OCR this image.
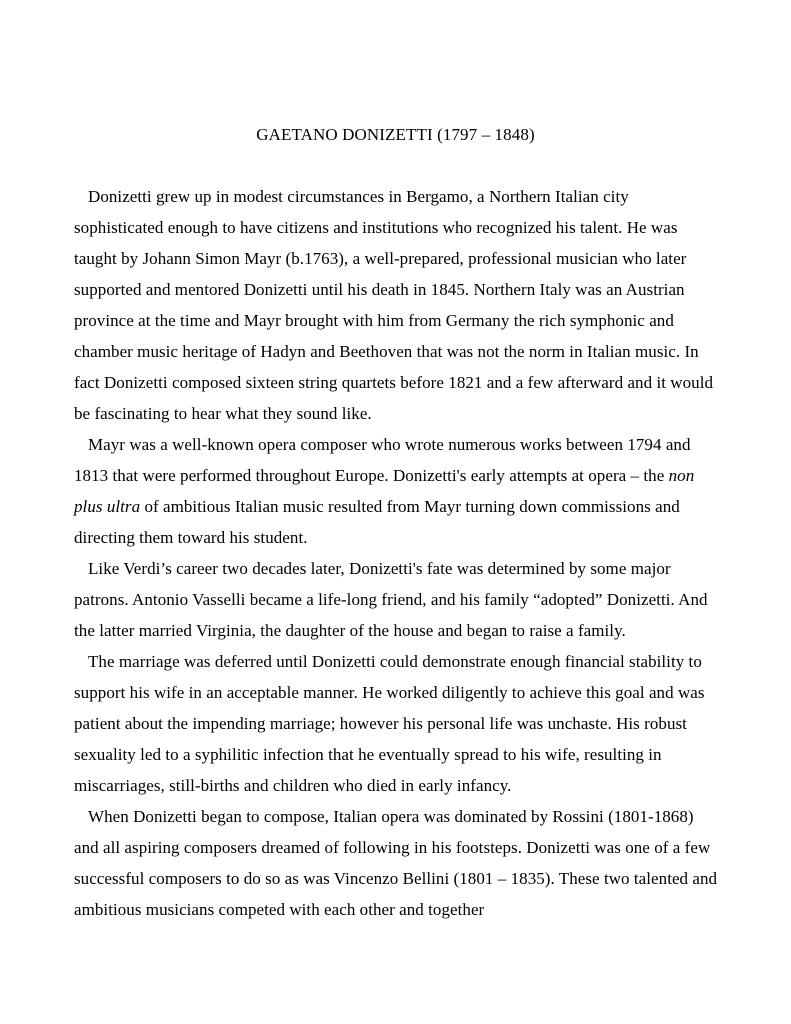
GAETANO DONIZETTI (1797 – 1848)

Donizetti grew up in modest circumstances in Bergamo, a Northern Italian city sophisticated enough to have citizens and institutions who recognized his talent. He was taught by Johann Simon Mayr (b.1763), a well-prepared, professional musician who later supported and mentored Donizetti until his death in 1845. Northern Italy was an Austrian province at the time and Mayr brought with him from Germany the rich symphonic and chamber music heritage of Hadyn and Beethoven that was not the norm in Italian music. In fact Donizetti composed sixteen string quartets before 1821 and a few afterward and it would be fascinating to hear what they sound like.

Mayr was a well-known opera composer who wrote numerous works between 1794 and 1813 that were performed throughout Europe. Donizetti's early attempts at opera – the non plus ultra of ambitious Italian music resulted from Mayr turning down commissions and directing them toward his student.

Like Verdi’s career two decades later, Donizetti's fate was determined by some major patrons. Antonio Vasselli became a life-long friend, and his family “adopted” Donizetti. And the latter married Virginia, the daughter of the house and began to raise a family.

The marriage was deferred until Donizetti could demonstrate enough financial stability to support his wife in an acceptable manner. He worked diligently to achieve this goal and was patient about the impending marriage; however his personal life was unchaste. His robust sexuality led to a syphilitic infection that he eventually spread to his wife, resulting in miscarriages, still-births and children who died in early infancy.

When Donizetti began to compose, Italian opera was dominated by Rossini (1801-1868) and all aspiring composers dreamed of following in his footsteps. Donizetti was one of a few successful composers to do so as was Vincenzo Bellini (1801 – 1835). These two talented and ambitious musicians competed with each other and together
